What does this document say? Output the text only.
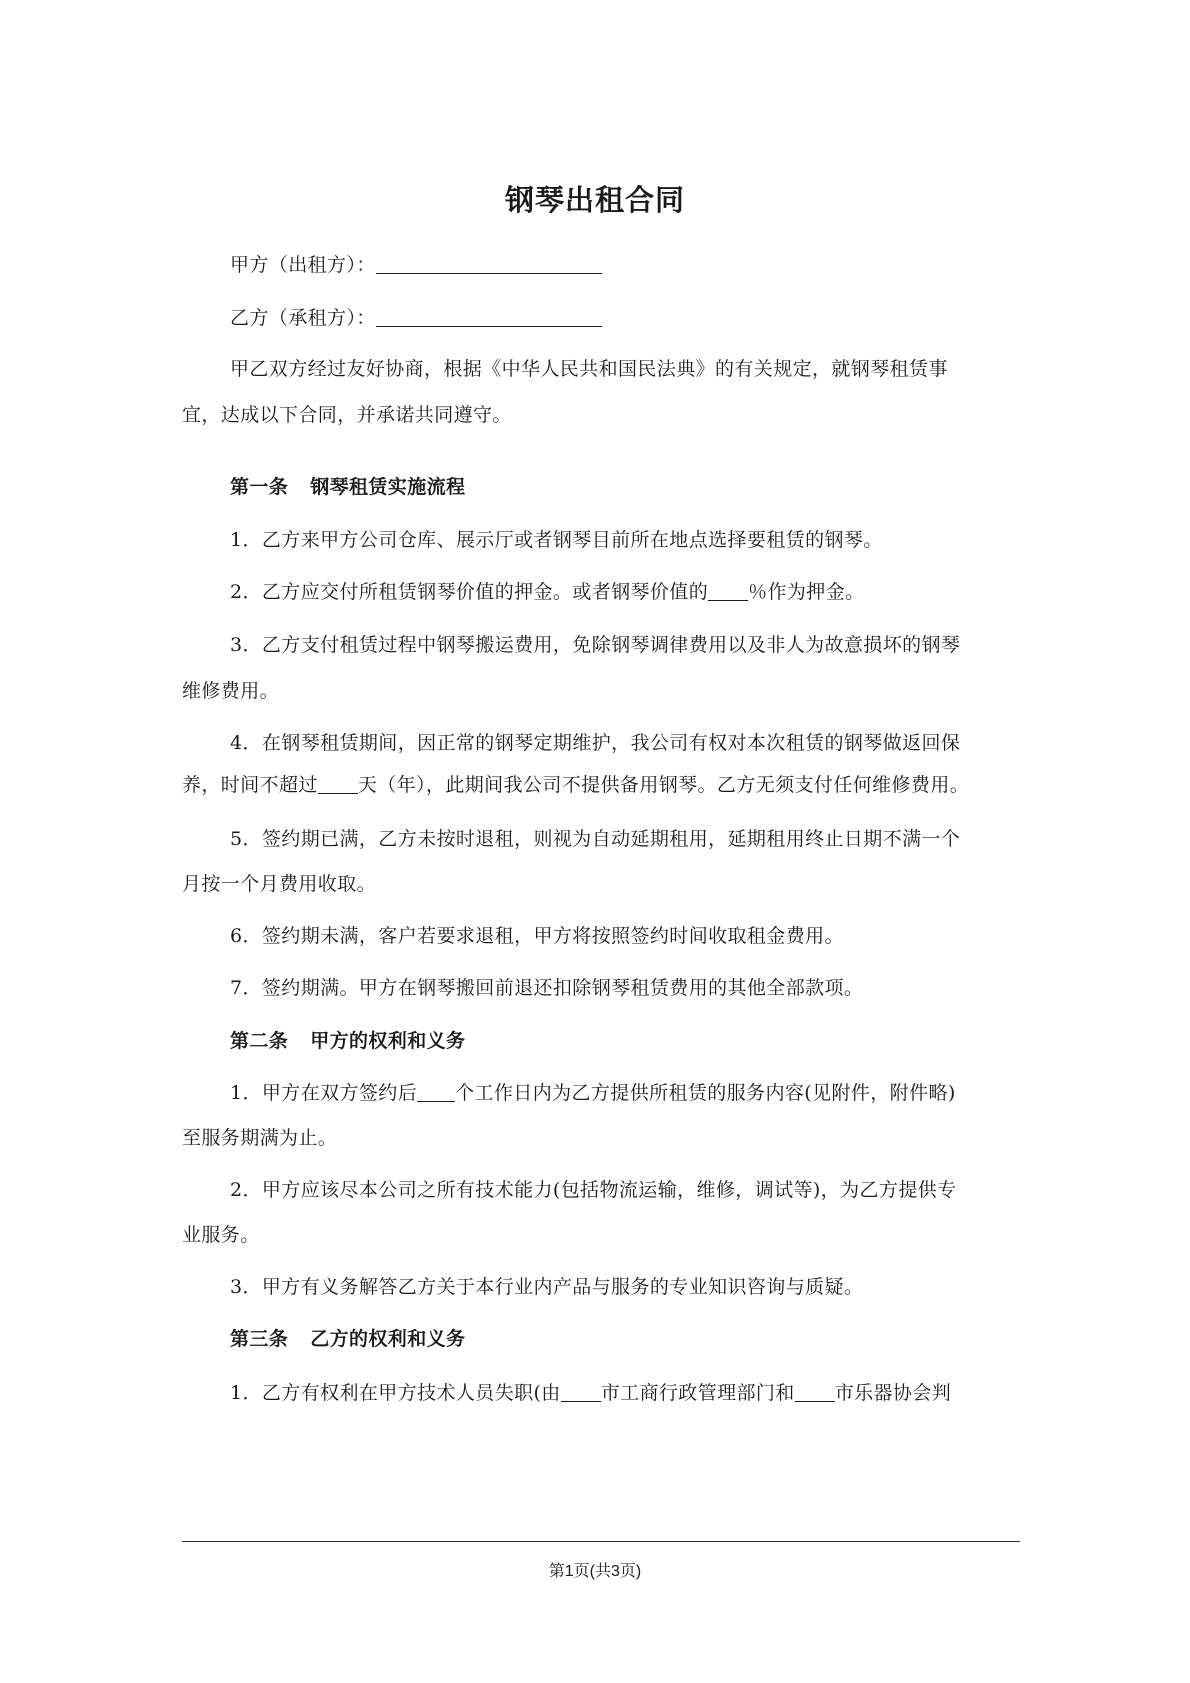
钢琴出租合同
甲方（出租方）：
乙方（承租方）：
甲乙双方经过友好协商，根据《中华人民共和国民法典》的有关规定，就钢琴租赁事
宜，达成以下合同，并承诺共同遵守。
第一条 钢琴租赁实施流程
1．乙方来甲方公司仓库、展示厅或者钢琴目前所在地点选择要租赁的钢琴。
2．乙方应交付所租赁钢琴价值的押金。或者钢琴价值的 ％作为押金。
3．乙方支付租赁过程中钢琴搬运费用，免除钢琴调律费用以及非人为故意损坏的钢琴
维修费用。
4．在钢琴租赁期间，因正常的钢琴定期维护，我公司有权对本次租赁的钢琴做返回保
养，时间不超过 天（年），此期间我公司不提供备用钢琴。乙方无须支付任何维修费用。
5．签约期已满，乙方未按时退租，则视为自动延期租用，延期租用终止日期不满一个
月按一个月费用收取。
6．签约期未满，客户若要求退租，甲方将按照签约时间收取租金费用。
7．签约期满。甲方在钢琴搬回前退还扣除钢琴租赁费用的其他全部款项。
第二条 甲方的权利和义务
1．甲方在双方签约后 个工作日内为乙方提供所租赁的服务内容(见附件，附件略)
至服务期满为止。
2．甲方应该尽本公司之所有技术能力(包括物流运输，维修，调试等)，为乙方提供专
业服务。
3．甲方有义务解答乙方关于本行业内产品与服务的专业知识咨询与质疑。
第三条 乙方的权利和义务
1．乙方有权利在甲方技术人员失职(由 市工商行政管理部门和 市乐器协会判
第1页(共3页)
